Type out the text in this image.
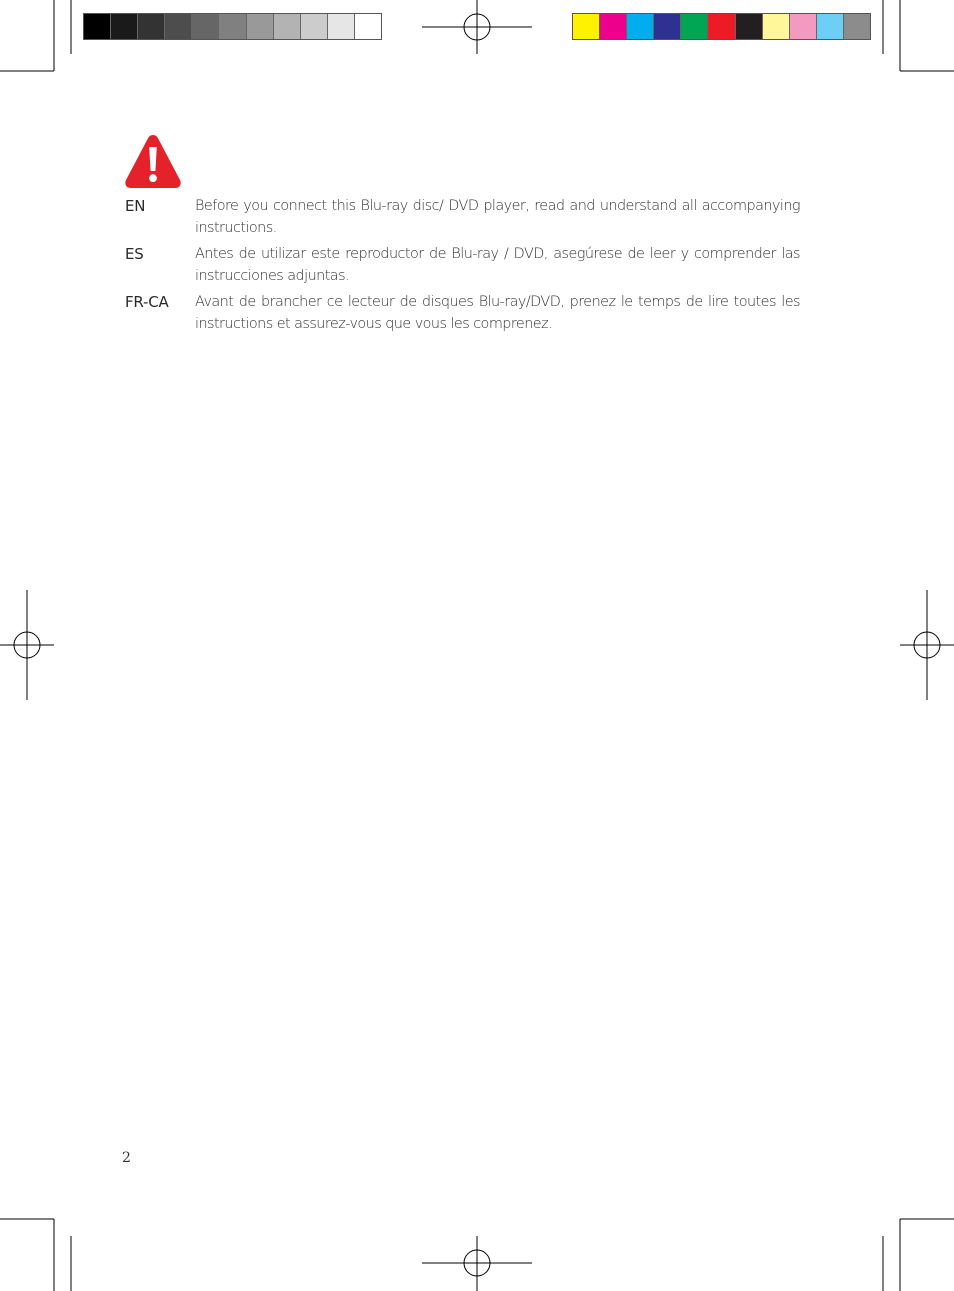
EN	Before you connect this Blu-ray disc/ DVD player, read and understand all accompanying instructions.
ES	Antes de utilizar este reproductor de Blu-ray / DVD, asegúrese de leer y comprender las instrucciones adjuntas.
FR-CA	Avant de brancher ce lecteur de disques Blu-ray/DVD, prenez le temps de lire toutes les instructions et assurez-vous que vous les comprenez.
2
